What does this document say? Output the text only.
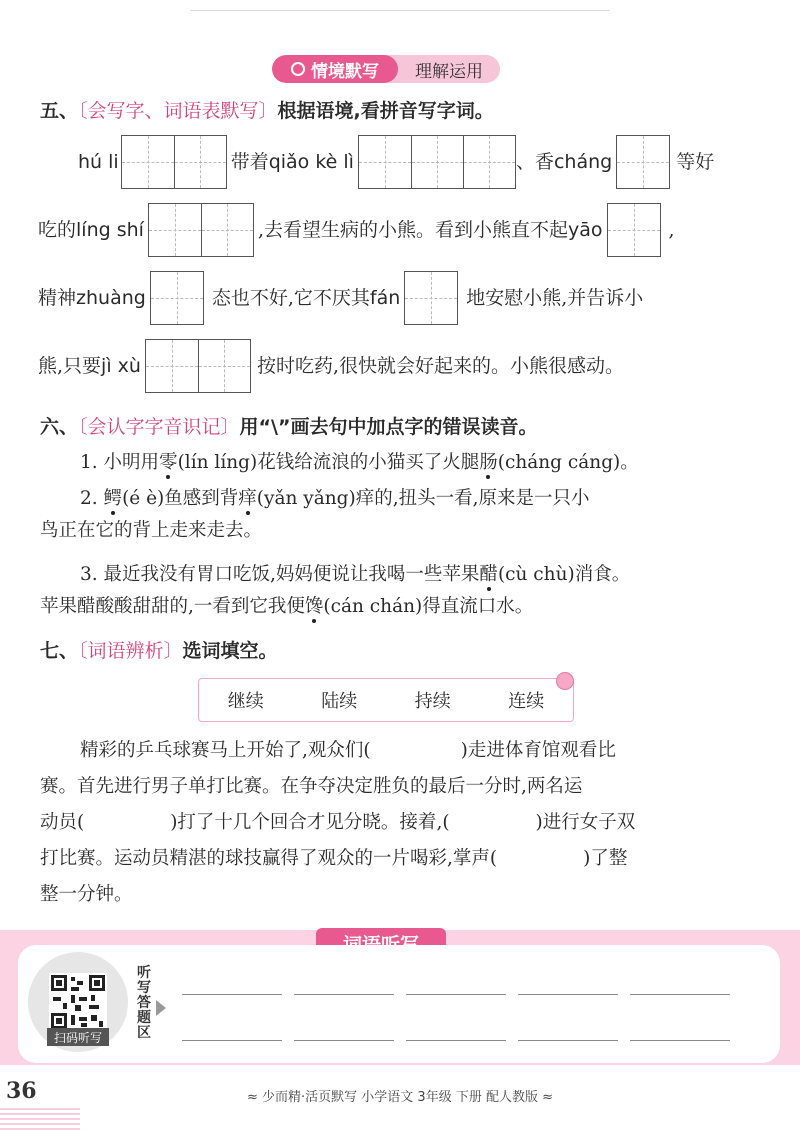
情境默写	理解运用
五、〔会写字、词语表默写〕根据语境,看拼音写字词。
hú li	带着 qiǎo kè lì	、香 cháng	等好
吃的 líng shí	,去看望生病的小熊。看到小熊直不起 yāo	,
精神 zhuàng	态也不好,它不厌其 fán	地安慰小熊,并告诉小
熊,只要 jì xù	按时吃药,很快就会好起来的。小熊很感动。
六、〔会认字字音识记〕用“\”画去句中加点字的错误读音。
1. 小明用零(lín líng)花钱给流浪的小猫买了火腿肠(cháng cáng)。
2. 鳄(é è)鱼感到背痒(yǎn yǎng)痒的,扭头一看,原来是一只小
鸟正在它的背上走来走去。
3. 最近我没有胃口吃饭,妈妈便说让我喝一些苹果醋(cù chù)消食。
苹果醋酸酸甜甜的,一看到它我便馋(cán chán)得直流口水。
七、〔词语辨析〕选词填空。
继续	陆续	持续	连续
精彩的乒乓球赛马上开始了,观众们(	)走进体育馆观看比
赛。首先进行男子单打比赛。在争夺决定胜负的最后一分时,两名运
动员(	)打了十几个回合才见分晓。接着,(	)进行女子双
打比赛。运动员精湛的球技赢得了观众的一片喝彩,掌声(	)了整
整一分钟。
扫码听写
听写答题区
36	≈ 少而精·活页默写 小学语文 3年级 下册 配人教版 ≈
